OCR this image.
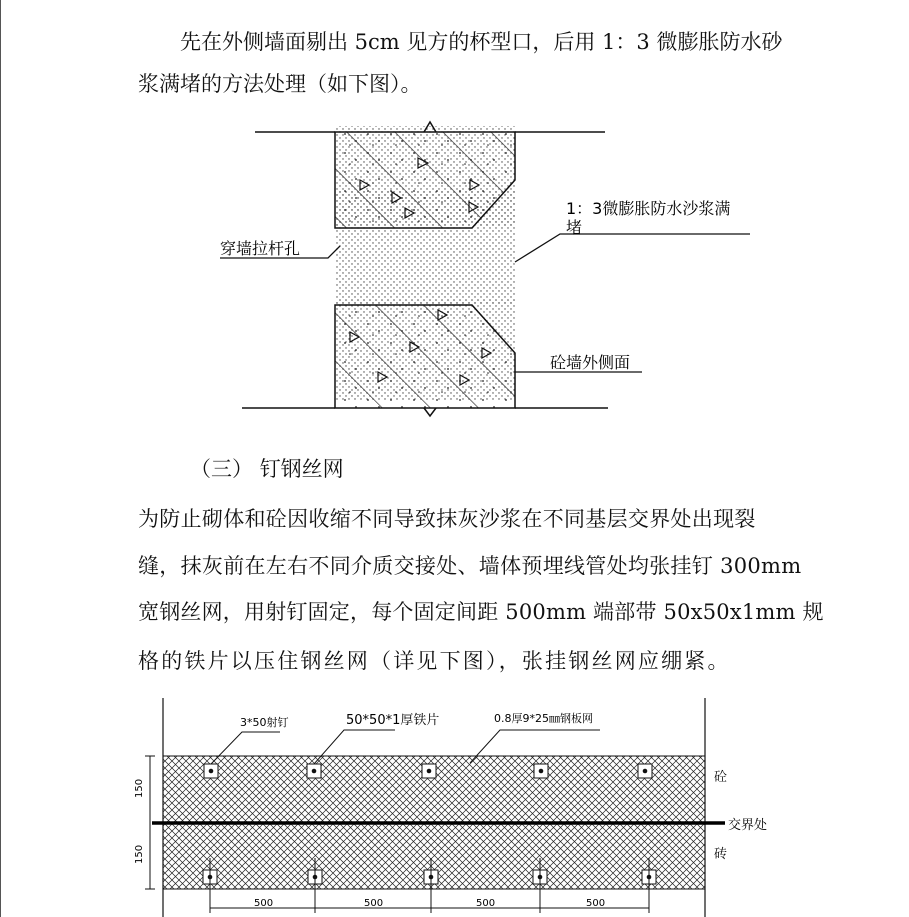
先在外侧墙面剔出 5cm 见方的杯型口，后用 1：3 微膨胀防水砂
浆满堵的方法处理（如下图）。
1：3微膨胀防水沙浆满
堵
穿墙拉杆孔
砼墙外侧面
（三） 钉钢丝网
为防止砌体和砼因收缩不同导致抹灰沙浆在不同基层交界处出现裂
缝，抹灰前在左右不同介质交接处、墙体预埋线管处均张挂钉 300mm
宽钢丝网，用射钉固定，每个固定间距 500mm 端部带 50x50x1mm 规
格的铁片以压住钢丝网（详见下图），张挂钢丝网应绷紧。
150
150
500	500	500	500
3*50射钉	50*50*1厚铁片	0.8厚9*25㎜钢板网
砼
交界处
砖
